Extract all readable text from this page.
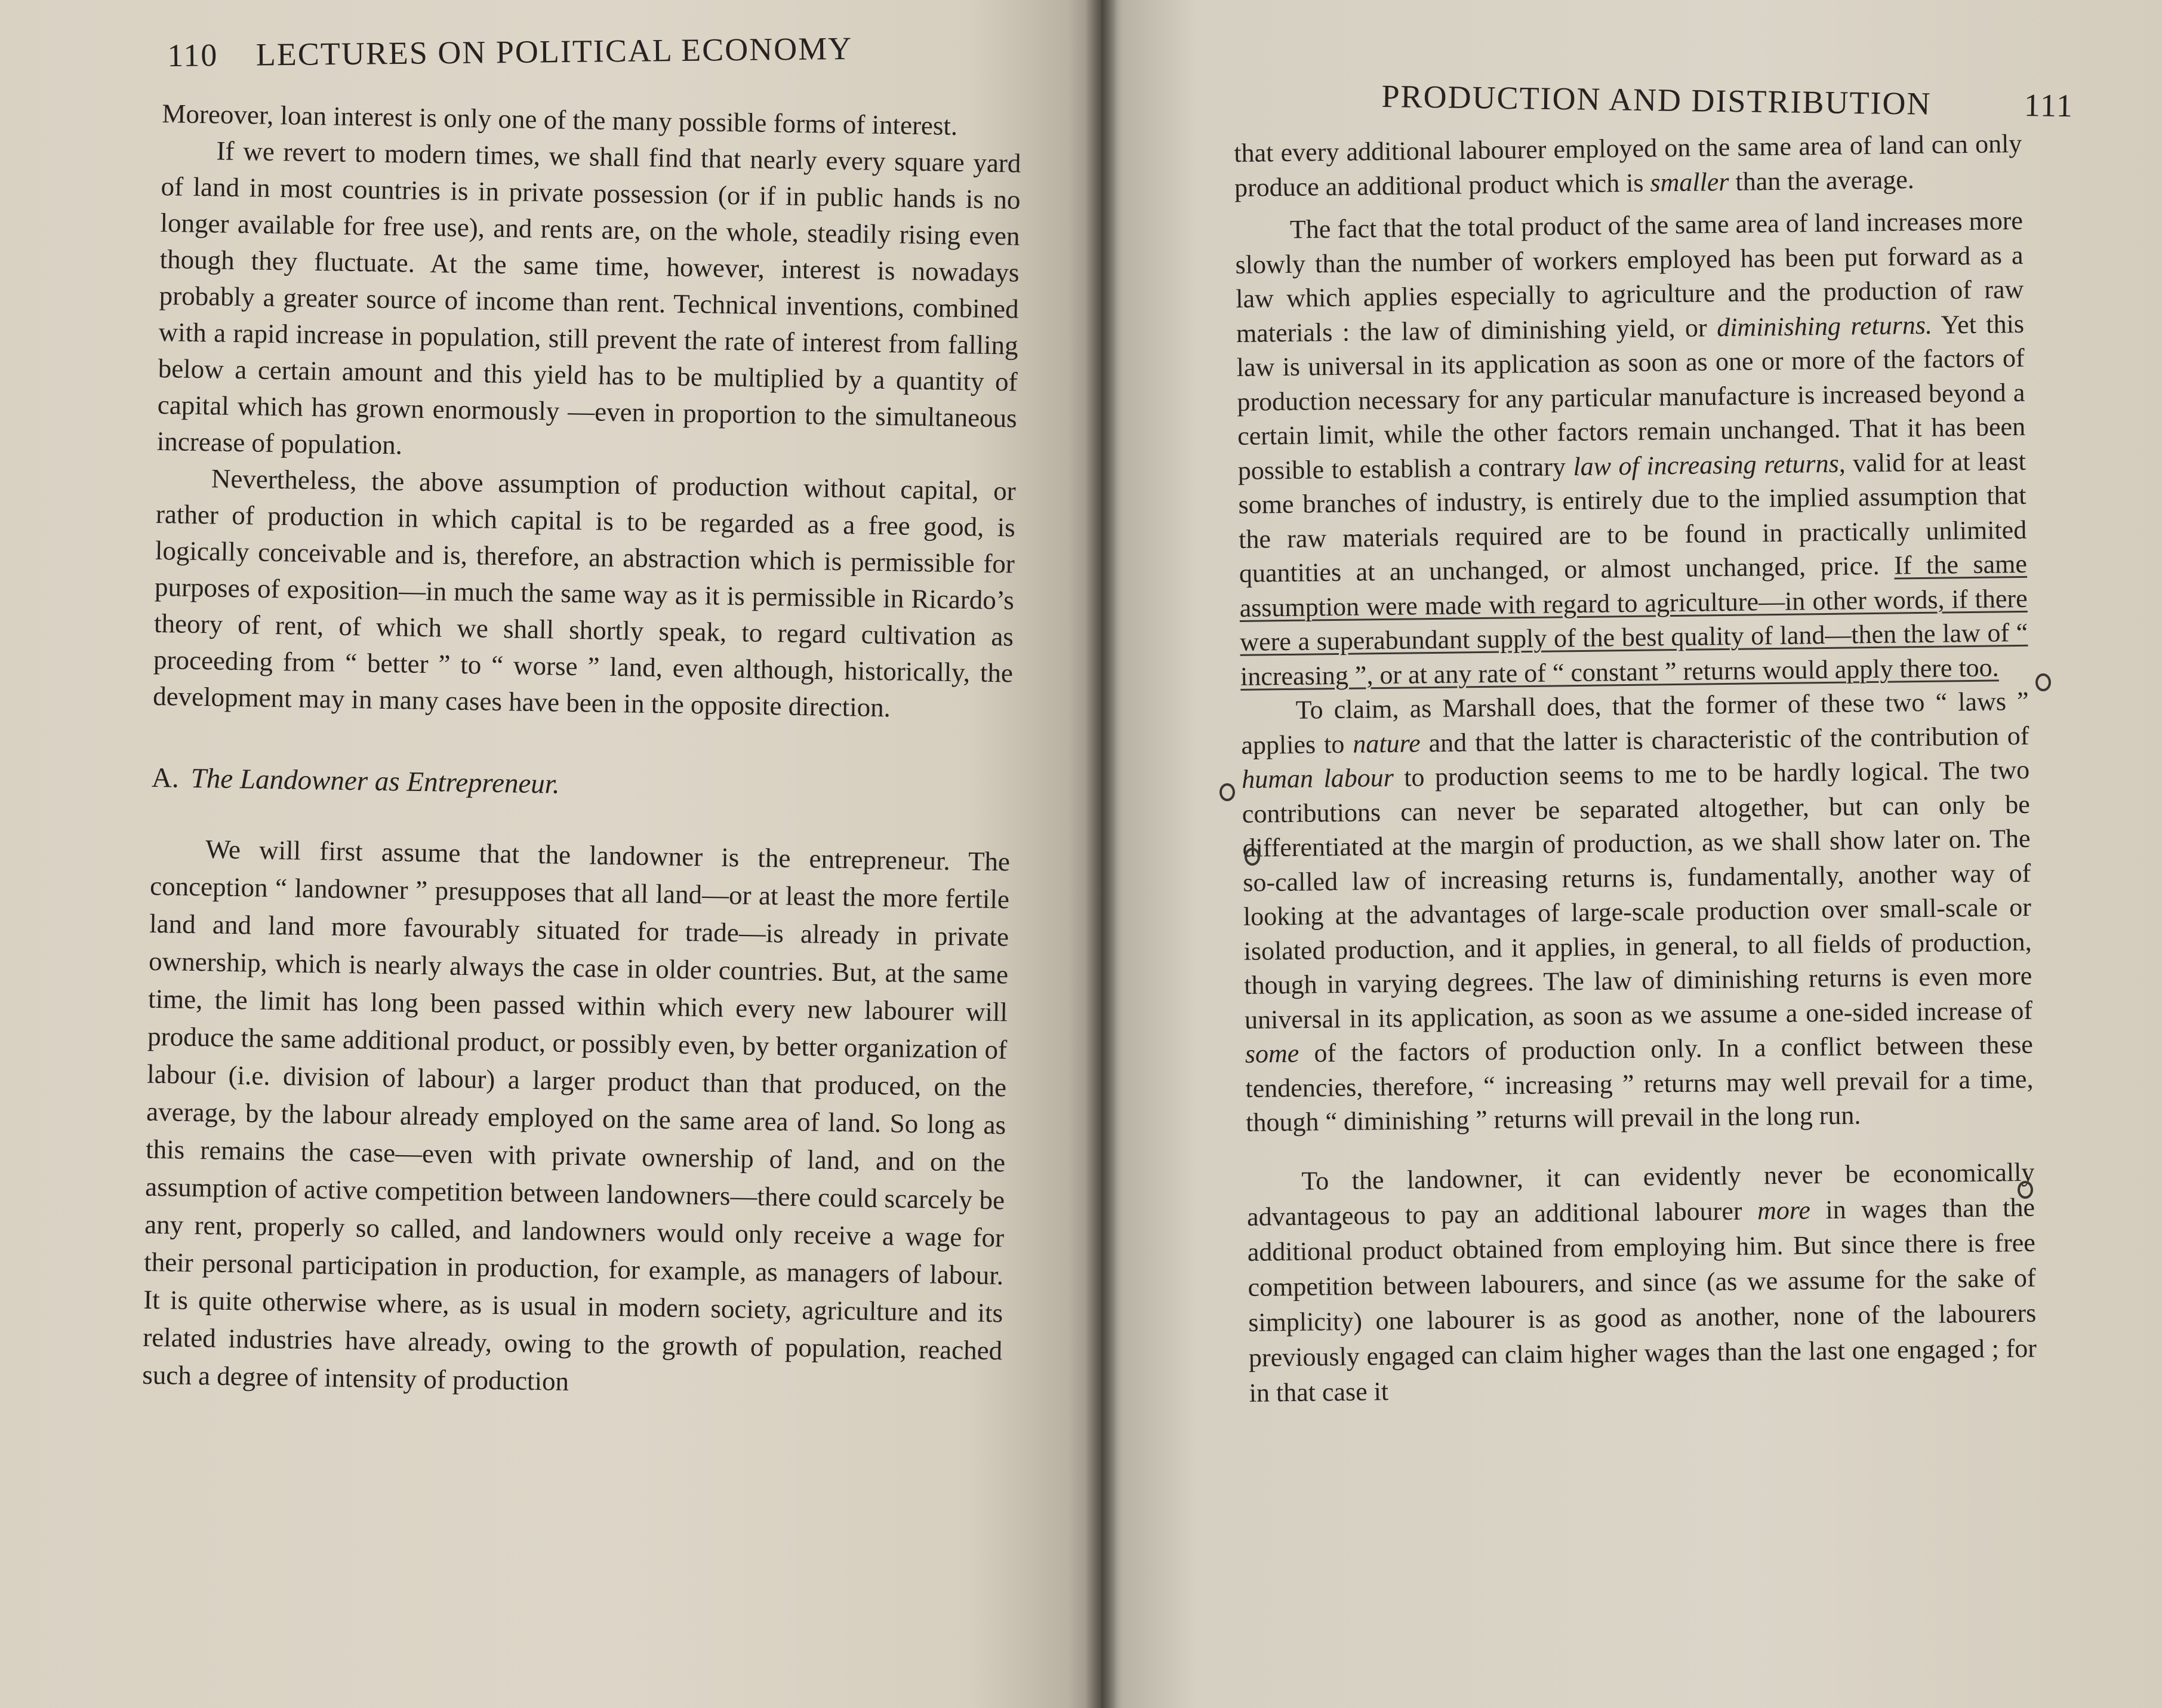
110 LECTURES ON POLITICAL ECONOMY

Moreover, loan interest is only one of the many possible forms of interest.

If we revert to modern times, we shall find that nearly every square yard of land in most countries is in private possession (or if in public hands is no longer available for free use), and rents are, on the whole, steadily rising even though they fluctuate. At the same time, however, interest is nowadays probably a greater source of income than rent. Technical inventions, combined with a rapid increase in population, still prevent the rate of interest from falling below a certain amount and this yield has to be multiplied by a quantity of capital which has grown enormously —even in proportion to the simultaneous increase of population.

Nevertheless, the above assumption of production without capital, or rather of production in which capital is to be regarded as a free good, is logically conceivable and is, therefore, an abstraction which is permissible for purposes of exposition—in much the same way as it is permissible in Ricardo’s theory of rent, of which we shall shortly speak, to regard cultivation as proceeding from “ better ” to “ worse ” land, even although, historically, the development may in many cases have been in the opposite direction.

A. The Landowner as Entrepreneur.

We will first assume that the landowner is the entrepreneur. The conception “ landowner ” presupposes that all land—or at least the more fertile land and land more favourably situated for trade—is already in private ownership, which is nearly always the case in older countries. But, at the same time, the limit has long been passed within which every new labourer will produce the same additional product, or possibly even, by better organization of labour (i.e. division of labour) a larger product than that produced, on the average, by the labour already employed on the same area of land. So long as this remains the case—even with private ownership of land, and on the assumption of active competition between landowners—there could scarcely be any rent, properly so called, and landowners would only receive a wage for their personal participation in production, for example, as managers of labour. It is quite otherwise where, as is usual in modern society, agriculture and its related industries have already, owing to the growth of population, reached such a degree of intensity of production

PRODUCTION AND DISTRIBUTION	111

that every additional labourer employed on the same area of land can only produce an additional product which is smaller than the average.

The fact that the total product of the same area of land increases more slowly than the number of workers employed has been put forward as a law which applies especially to agriculture and the production of raw materials : the law of diminishing yield, or diminishing returns. Yet this law is universal in its application as soon as one or more of the factors of production necessary for any particular manufacture is increased beyond a certain limit, while the other factors remain unchanged. That it has been possible to establish a contrary law of increasing returns, valid for at least some branches of industry, is entirely due to the implied assumption that the raw materials required are to be found in practically unlimited quantities at an unchanged, or almost unchanged, price. If the same assumption were made with regard to agriculture—in other words, if there were a superabundant supply of the best quality of land—then the law of “ increasing ”, or at any rate of “ constant ” returns would apply there too.

To claim, as Marshall does, that the former of these two “ laws ” applies to nature and that the latter is characteristic of the contribution of human labour to production seems to me to be hardly logical. The two contributions can never be separated altogether, but can only be differentiated at the margin of production, as we shall show later on. The so-called law of increasing returns is, fundamentally, another way of looking at the advantages of large-scale production over small-scale or isolated production, and it applies, in general, to all fields of production, though in varying degrees. The law of diminishing returns is even more universal in its application, as soon as we assume a one-sided increase of some of the factors of production only. In a conflict between these tendencies, therefore, “ increasing ” returns may well prevail for a time, though “ diminishing ” returns will prevail in the long run.

To the landowner, it can evidently never be economically advantageous to pay an additional labourer more in wages than the additional product obtained from employing him. But since there is free competition between labourers, and since (as we assume for the sake of simplicity) one labourer is as good as another, none of the labourers previously engaged can claim higher wages than the last one engaged ; for in that case it
